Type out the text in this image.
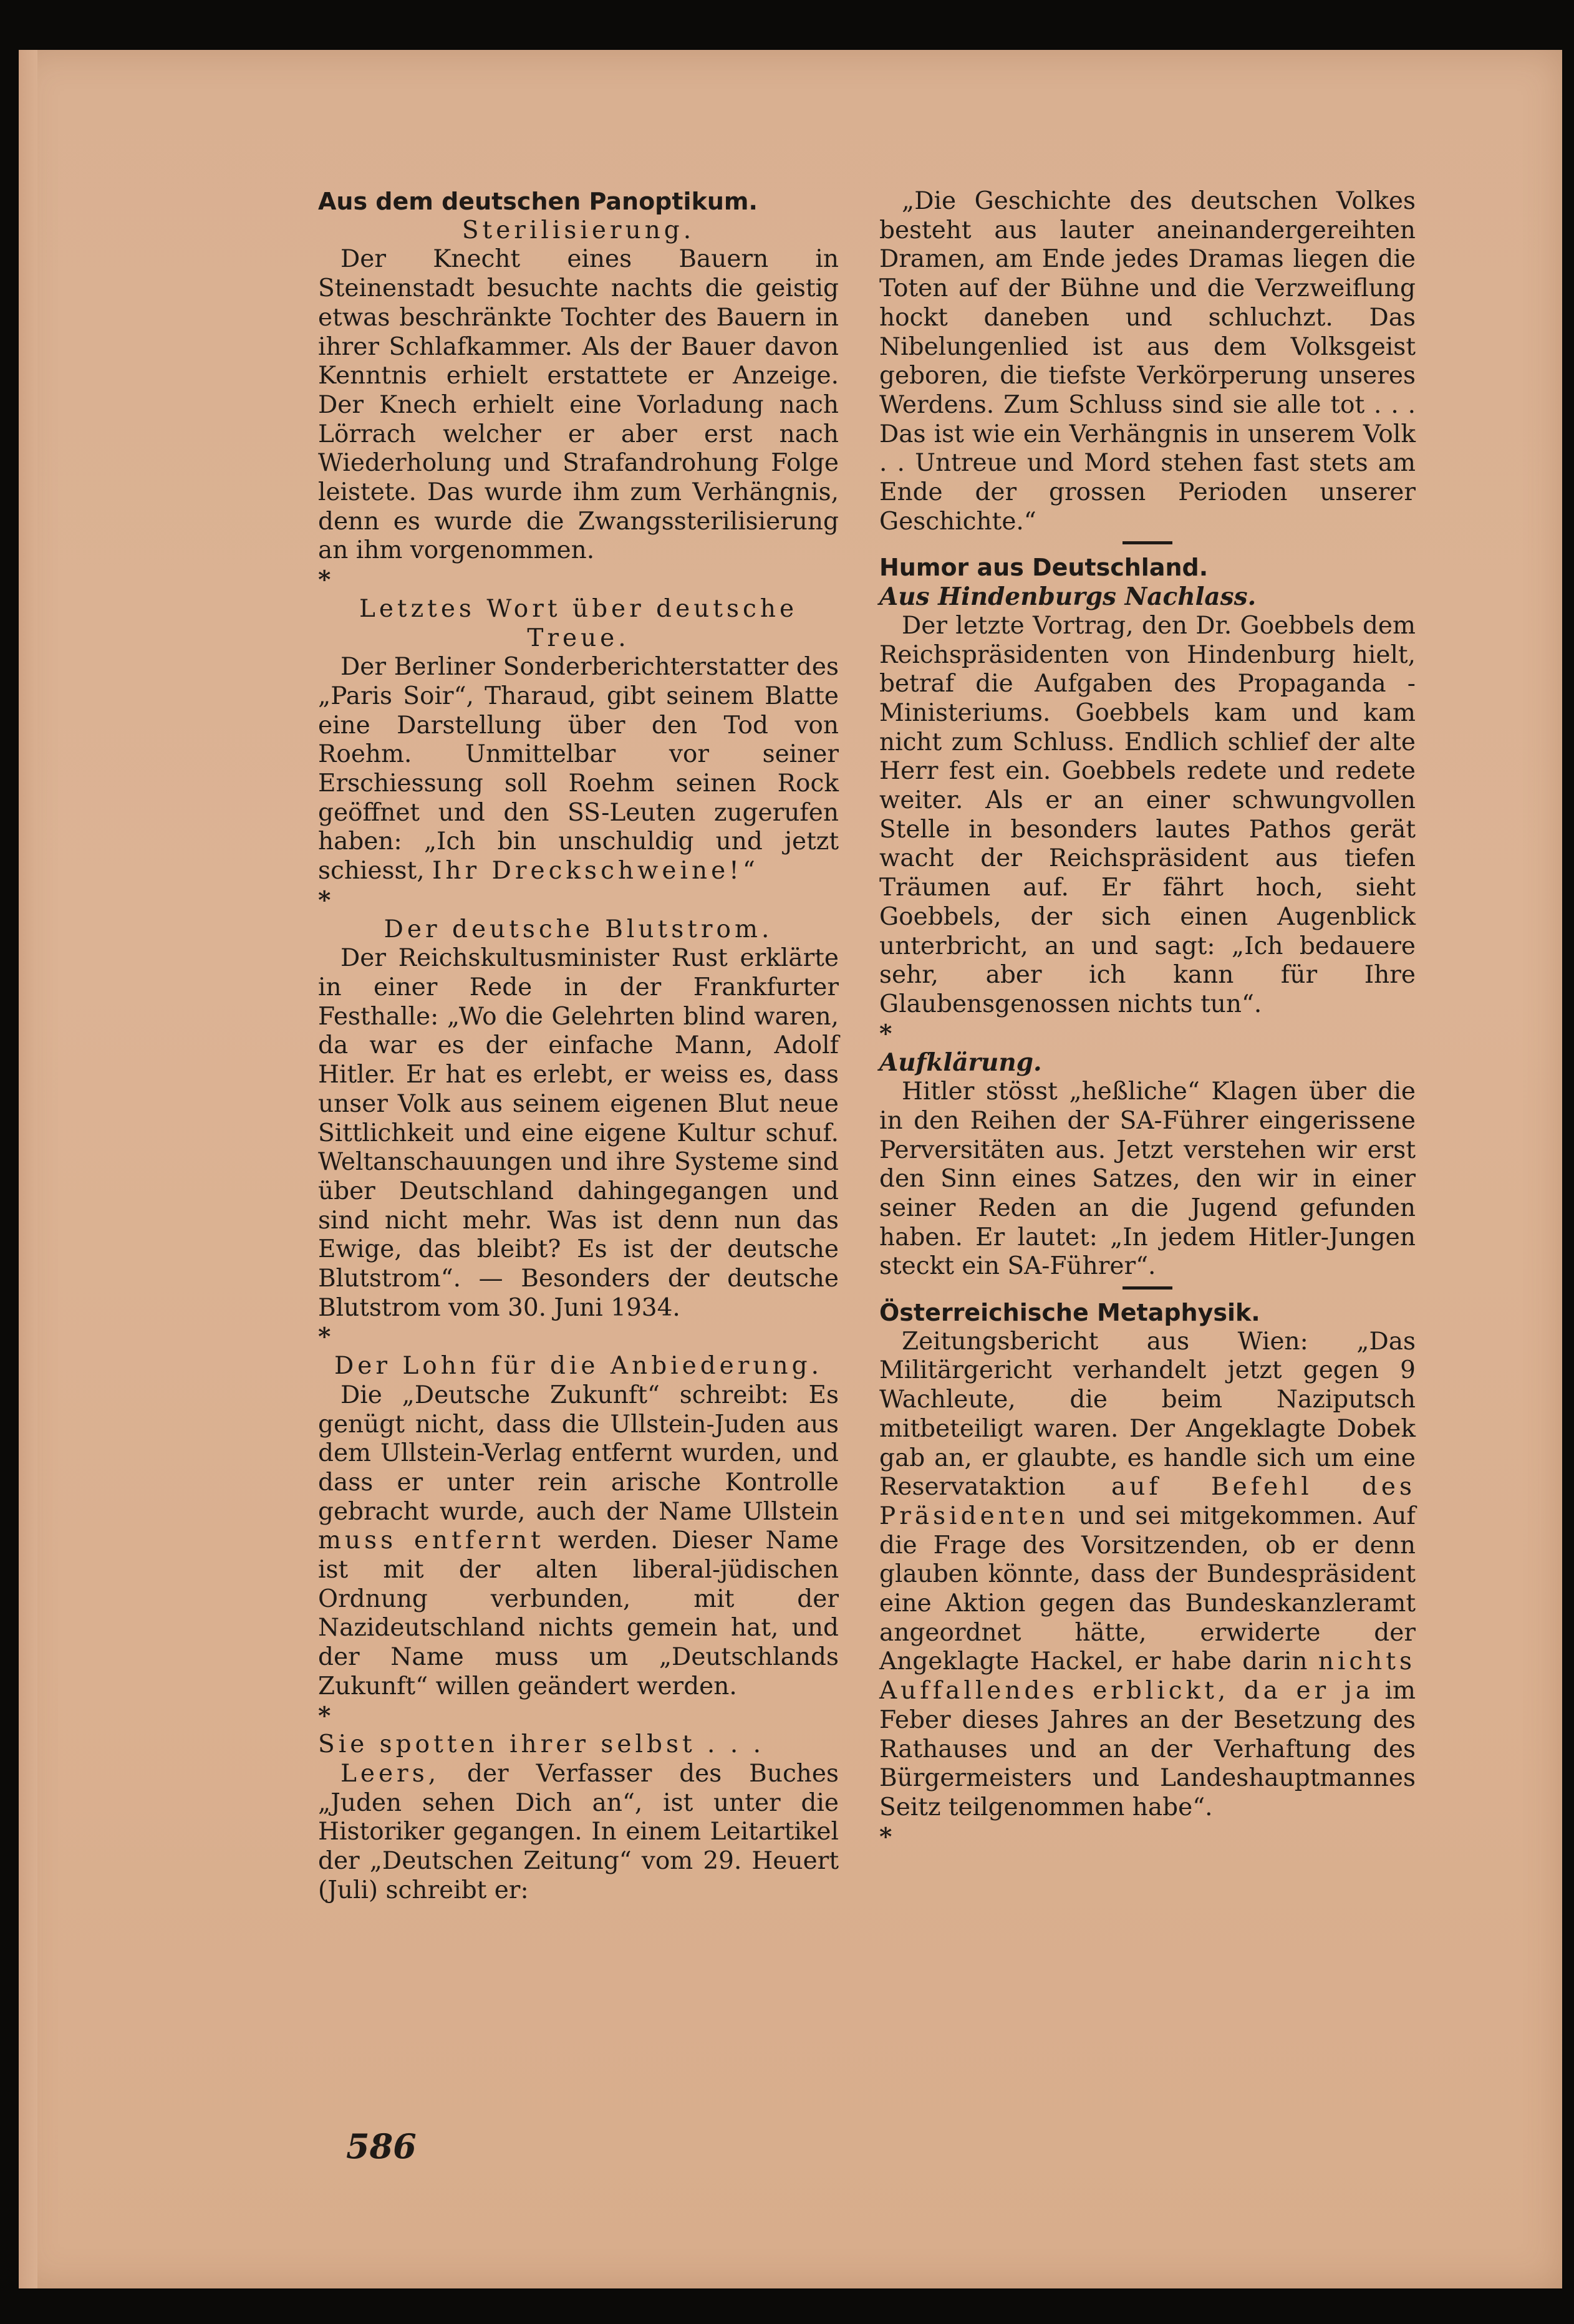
Aus dem deutschen Panoptikum.

Sterilisierung.

Der Knecht eines Bauern in Steinenstadt besuchte nachts die geistig etwas beschränkte Tochter des Bauern in ihrer Schlafkammer. Als der Bauer davon Kenntnis erhielt erstattete er Anzeige. Der Knech erhielt eine Vorladung nach Lörrach welcher er aber erst nach Wiederholung und Strafandrohung Folge leistete. Das wurde ihm zum Verhängnis, denn es wurde die Zwangssterilisierung an ihm vorgenommen.

*

Letztes Wort über deutsche Treue.

Der Berliner Sonderberichterstatter des „Paris Soir“, Tharaud, gibt seinem Blatte eine Darstellung über den Tod von Roehm. Unmittelbar vor seiner Erschiessung soll Roehm seinen Rock geöffnet und den SS-Leuten zugerufen haben: „Ich bin unschuldig und jetzt schiesst, Ihr Dreckschweine!“

*

Der deutsche Blutstrom.

Der Reichskultusminister Rust erklärte in einer Rede in der Frankfurter Festhalle: „Wo die Gelehrten blind waren, da war es der einfache Mann, Adolf Hitler. Er hat es erlebt, er weiss es, dass unser Volk aus seinem eigenen Blut neue Sittlichkeit und eine eigene Kultur schuf. Weltanschauungen und ihre Systeme sind über Deutschland dahingegangen und sind nicht mehr. Was ist denn nun das Ewige, das bleibt? Es ist der deutsche Blutstrom“. — Besonders der deutsche Blutstrom vom 30. Juni 1934.

*

Der Lohn für die Anbiederung.

Die „Deutsche Zukunft“ schreibt: Es genügt nicht, dass die Ullstein-Juden aus dem Ullstein-Verlag entfernt wurden, und dass er unter rein arische Kontrolle gebracht wurde, auch der Name Ullstein muss entfernt werden. Dieser Name ist mit der alten liberal-jüdischen Ordnung verbunden, mit der Nazideutschland nichts gemein hat, und der Name muss um „Deutschlands Zukunft“ willen geändert werden.

*

Sie spotten ihrer selbst . . .

Leers, der Verfasser des Buches „Juden sehen Dich an“, ist unter die Historiker gegangen. In einem Leitartikel der „Deutschen Zeitung“ vom 29. Heuert (Juli) schreibt er:

„Die Geschichte des deutschen Volkes besteht aus lauter aneinandergereihten Dramen, am Ende jedes Dramas liegen die Toten auf der Bühne und die Verzweiflung hockt daneben und schluchzt. Das Nibelungenlied ist aus dem Volksgeist geboren, die tiefste Verkörperung unseres Werdens. Zum Schluss sind sie alle tot . . . Das ist wie ein Verhängnis in unserem Volk . . Untreue und Mord stehen fast stets am Ende der grossen Perioden unserer Geschichte.“

Humor aus Deutschland.

Aus Hindenburgs Nachlass.

Der letzte Vortrag, den Dr. Goebbels dem Reichspräsidenten von Hindenburg hielt, betraf die Aufgaben des Propaganda - Ministeriums. Goebbels kam und kam nicht zum Schluss. Endlich schlief der alte Herr fest ein. Goebbels redete und redete weiter. Als er an einer schwungvollen Stelle in besonders lautes Pathos gerät wacht der Reichspräsident aus tiefen Träumen auf. Er fährt hoch, sieht Goebbels, der sich einen Augenblick unterbricht, an und sagt: „Ich bedauere sehr, aber ich kann für Ihre Glaubensgenossen nichts tun“.

*

Aufklärung.

Hitler stösst „heßliche“ Klagen über die in den Reihen der SA-Führer eingerissene Perversitäten aus. Jetzt verstehen wir erst den Sinn eines Satzes, den wir in einer seiner Reden an die Jugend gefunden haben. Er lautet: „In jedem Hitler-Jungen steckt ein SA-Führer“.

Österreichische Metaphysik.

Zeitungsbericht aus Wien: „Das Militärgericht verhandelt jetzt gegen 9 Wachleute, die beim Naziputsch mitbeteiligt waren. Der Angeklagte Dobek gab an, er glaubte, es handle sich um eine Reservataktion auf Befehl des Präsidenten und sei mitgekommen. Auf die Frage des Vorsitzenden, ob er denn glauben könnte, dass der Bundespräsident eine Aktion gegen das Bundeskanzleramt angeordnet hätte, erwiderte der Angeklagte Hackel, er habe darin nichts Auffallendes erblickt, da er ja im Feber dieses Jahres an der Besetzung des Rathauses und an der Verhaftung des Bürgermeisters und Landeshauptmannes Seitz teilgenommen habe“.

*

586
